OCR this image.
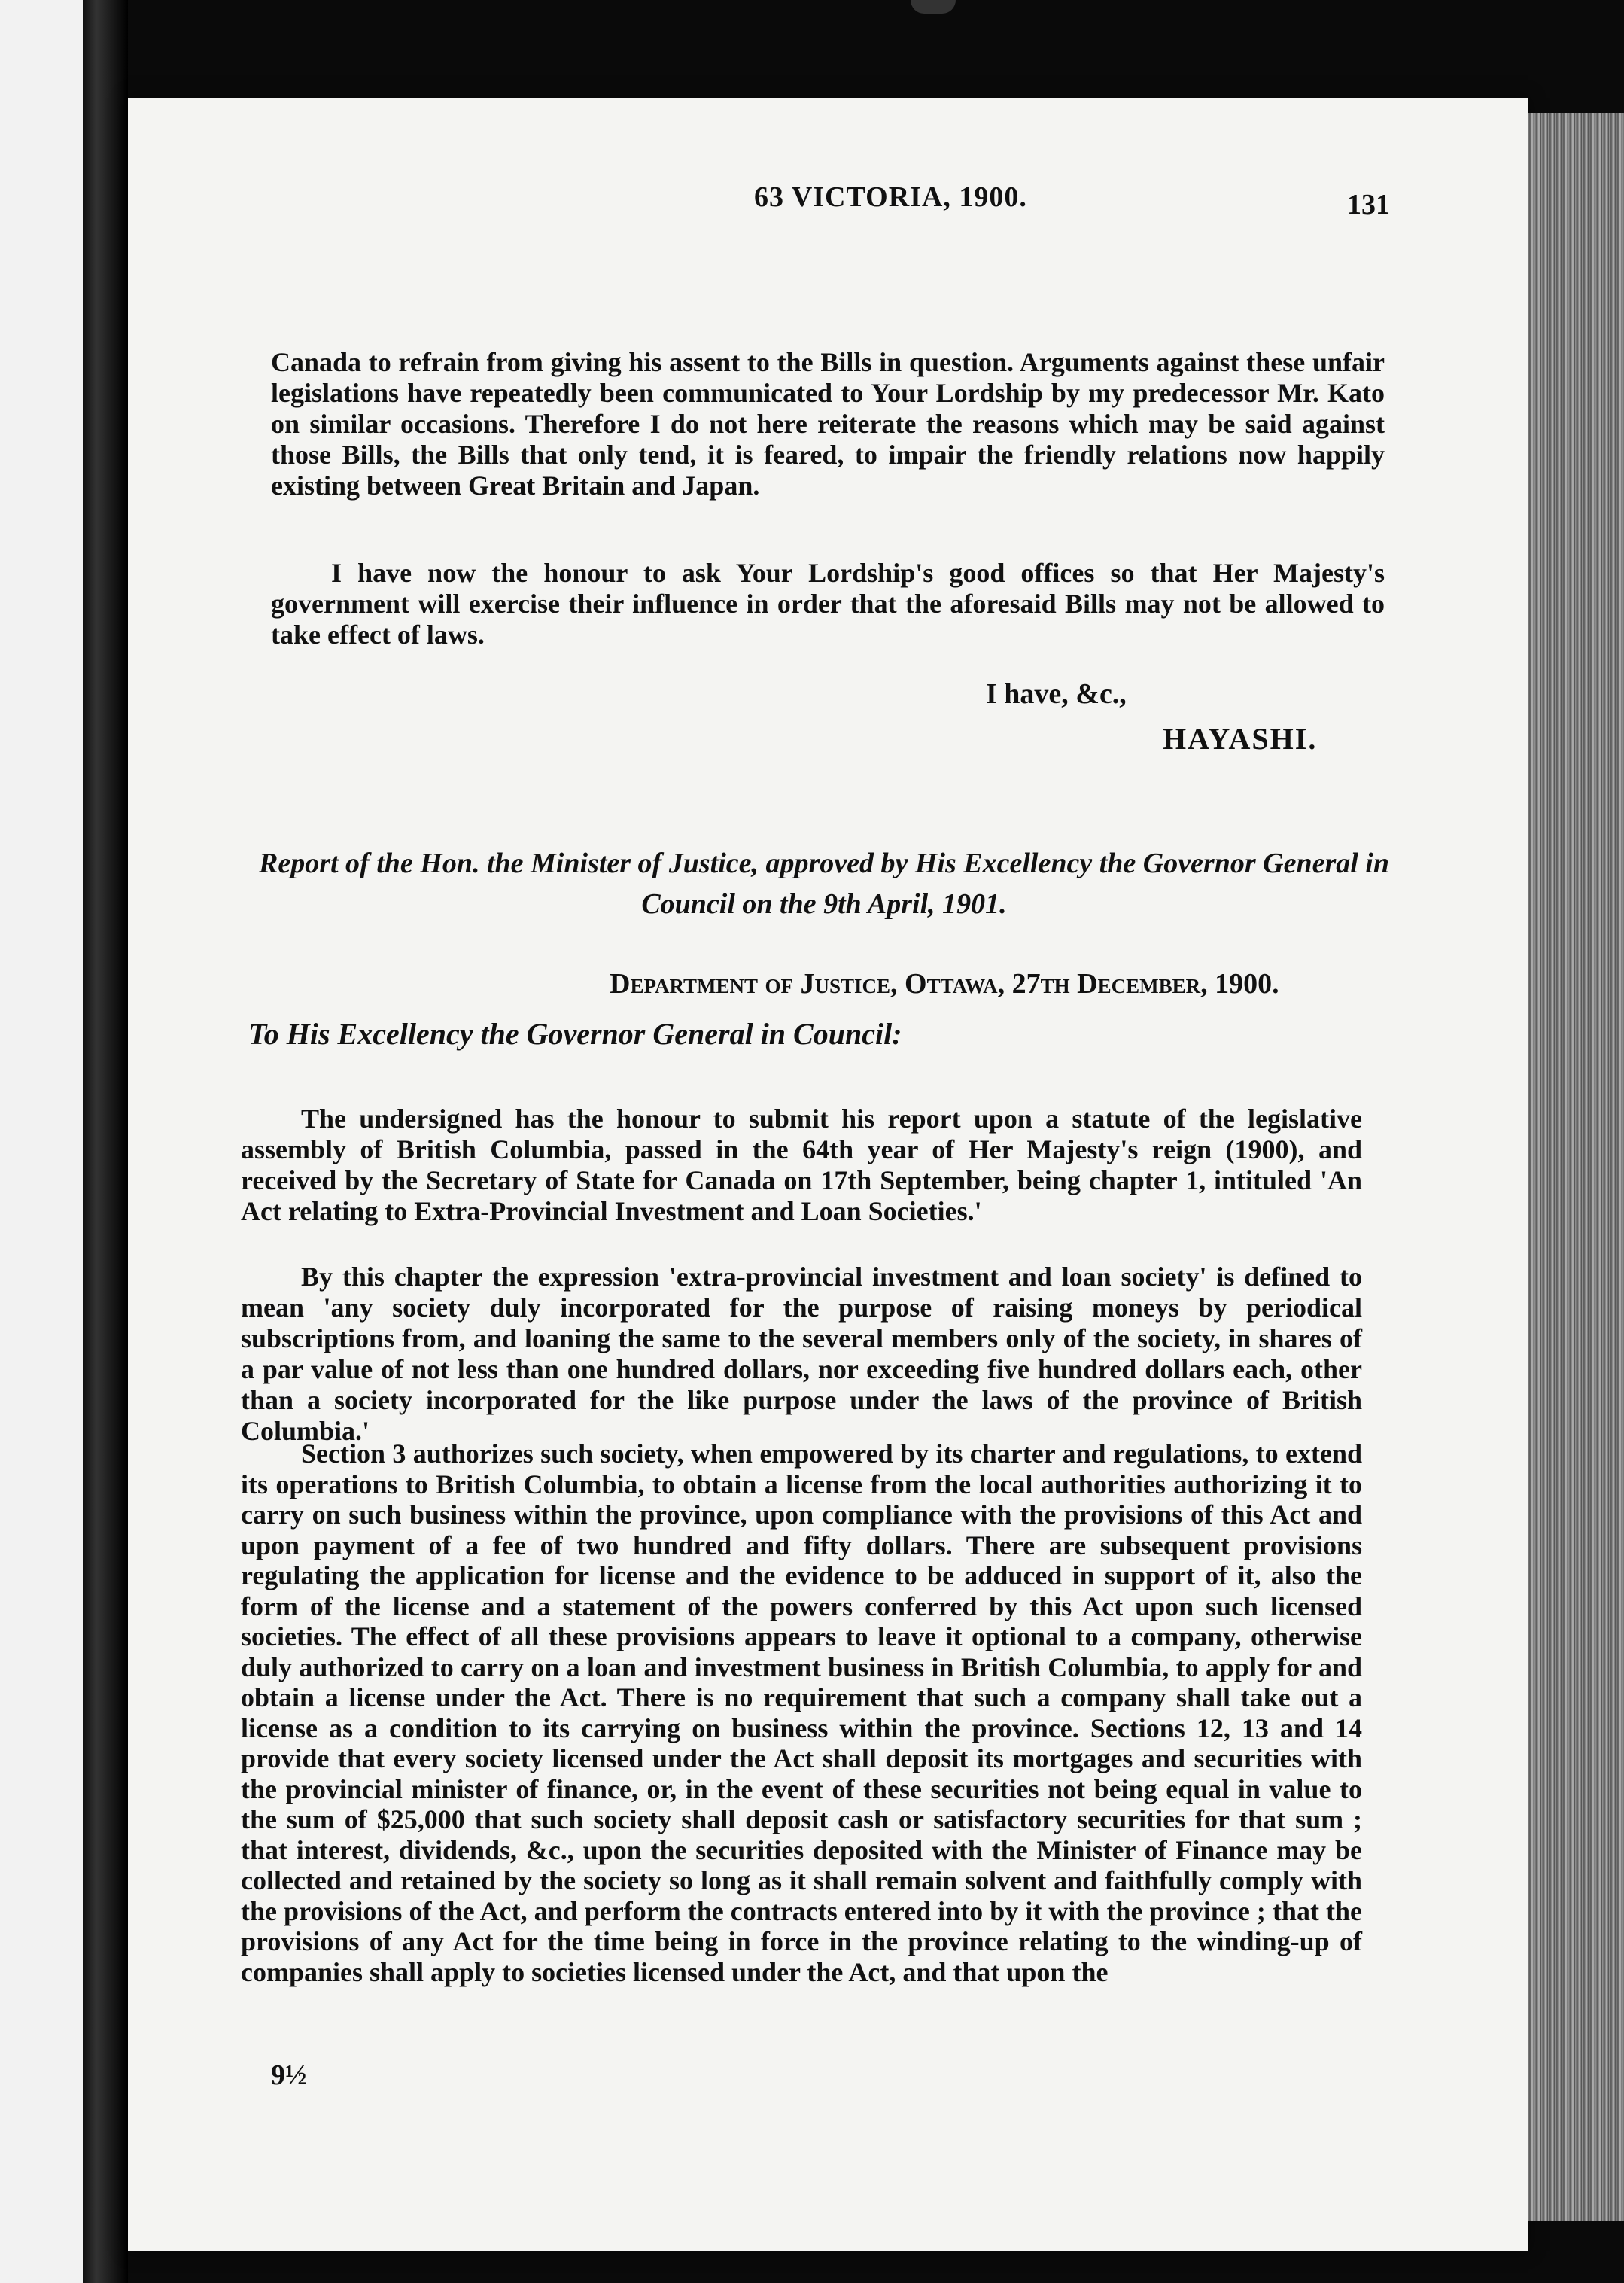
63 VICTORIA, 1900.	131

Canada to refrain from giving his assent to the Bills in question. Arguments against these unfair legislations have repeatedly been communicated to Your Lordship by my predecessor Mr. Kato on similar occasions. Therefore I do not here reiterate the reasons which may be said against those Bills, the Bills that only tend, it is feared, to impair the friendly relations now happily existing between Great Britain and Japan.

I have now the honour to ask Your Lordship's good offices so that Her Majesty's government will exercise their influence in order that the aforesaid Bills may not be allowed to take effect of laws.

I have, &c.,
HAYASHI.
Report of the Hon. the Minister of Justice, approved by His Excellency the Governor General in Council on the 9th April, 1901.
Department of Justice, Ottawa, 27th December, 1900.
To His Excellency the Governor General in Council:

The undersigned has the honour to submit his report upon a statute of the legislative assembly of British Columbia, passed in the 64th year of Her Majesty's reign (1900), and received by the Secretary of State for Canada on 17th September, being chapter 1, intituled 'An Act relating to Extra-Provincial Investment and Loan Societies.'

By this chapter the expression 'extra-provincial investment and loan society' is defined to mean 'any society duly incorporated for the purpose of raising moneys by periodical subscriptions from, and loaning the same to the several members only of the society, in shares of a par value of not less than one hundred dollars, nor exceeding five hundred dollars each, other than a society incorporated for the like purpose under the laws of the province of British Columbia.'

Section 3 authorizes such society, when empowered by its charter and regulations, to extend its operations to British Columbia, to obtain a license from the local authorities authorizing it to carry on such business within the province, upon compliance with the provisions of this Act and upon payment of a fee of two hundred and fifty dollars. There are subsequent provisions regulating the application for license and the evidence to be adduced in support of it, also the form of the license and a statement of the powers conferred by this Act upon such licensed societies. The effect of all these provisions appears to leave it optional to a company, otherwise duly authorized to carry on a loan and investment business in British Columbia, to apply for and obtain a license under the Act. There is no requirement that such a company shall take out a license as a condition to its carrying on business within the province. Sections 12, 13 and 14 provide that every society licensed under the Act shall deposit its mortgages and securities with the provincial minister of finance, or, in the event of these securities not being equal in value to the sum of $25,000 that such society shall deposit cash or satisfactory securities for that sum ; that interest, dividends, &c., upon the securities deposited with the Minister of Finance may be collected and retained by the society so long as it shall remain solvent and faithfully comply with the provisions of the Act, and perform the contracts entered into by it with the province ; that the provisions of any Act for the time being in force in the province relating to the winding-up of companies shall apply to societies licensed under the Act, and that upon the

9½
